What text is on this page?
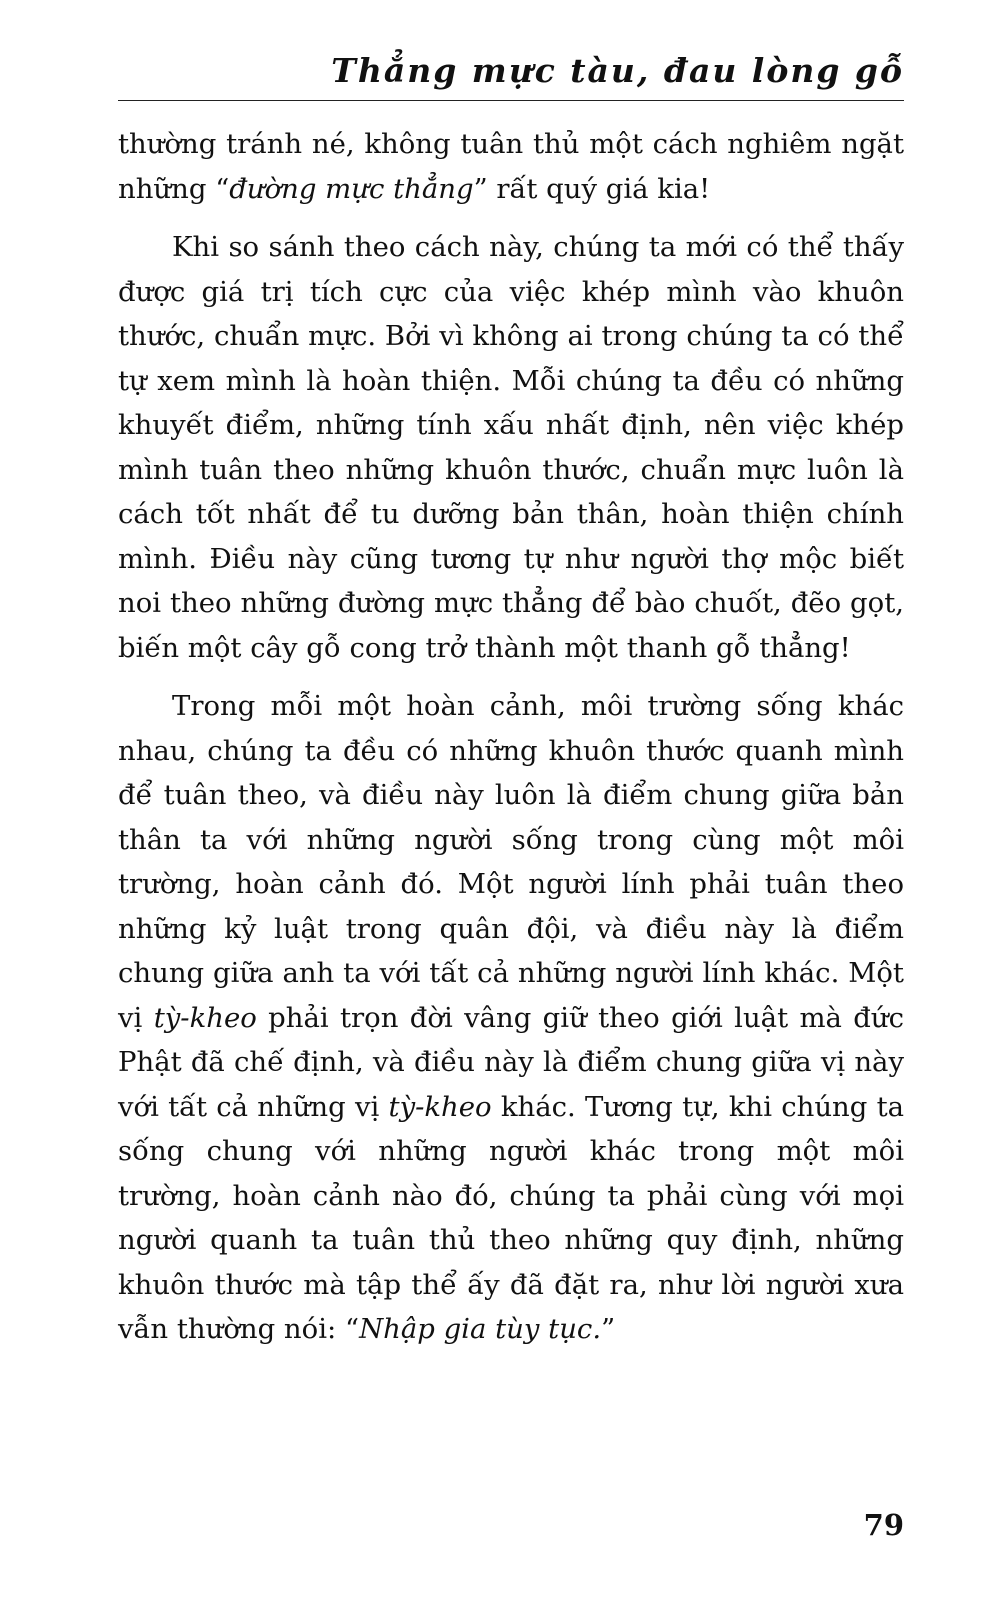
Thẳng mực tàu, đau lòng gỗ

thường tránh né, không tuân thủ một cách nghiêm ngặt những “đường mực thẳng” rất quý giá kia!

Khi so sánh theo cách này, chúng ta mới có thể thấy được giá trị tích cực của việc khép mình vào khuôn thước, chuẩn mực. Bởi vì không ai trong chúng ta có thể tự xem mình là hoàn thiện. Mỗi chúng ta đều có những khuyết điểm, những tính xấu nhất định, nên việc khép mình tuân theo những khuôn thước, chuẩn mực luôn là cách tốt nhất để tu dưỡng bản thân, hoàn thiện chính mình. Điều này cũng tương tự như người thợ mộc biết noi theo những đường mực thẳng để bào chuốt, đẽo gọt, biến một cây gỗ cong trở thành một thanh gỗ thẳng!

Trong mỗi một hoàn cảnh, môi trường sống khác nhau, chúng ta đều có những khuôn thước quanh mình để tuân theo, và điều này luôn là điểm chung giữa bản thân ta với những người sống trong cùng một môi trường, hoàn cảnh đó. Một người lính phải tuân theo những kỷ luật trong quân đội, và điều này là điểm chung giữa anh ta với tất cả những người lính khác. Một vị tỳ-kheo phải trọn đời vâng giữ theo giới luật mà đức Phật đã chế định, và điều này là điểm chung giữa vị này với tất cả những vị tỳ-kheo khác. Tương tự, khi chúng ta sống chung với những người khác trong một môi trường, hoàn cảnh nào đó, chúng ta phải cùng với mọi người quanh ta tuân thủ theo những quy định, những khuôn thước mà tập thể ấy đã đặt ra, như lời người xưa vẫn thường nói: “Nhập gia tùy tục.”

79
